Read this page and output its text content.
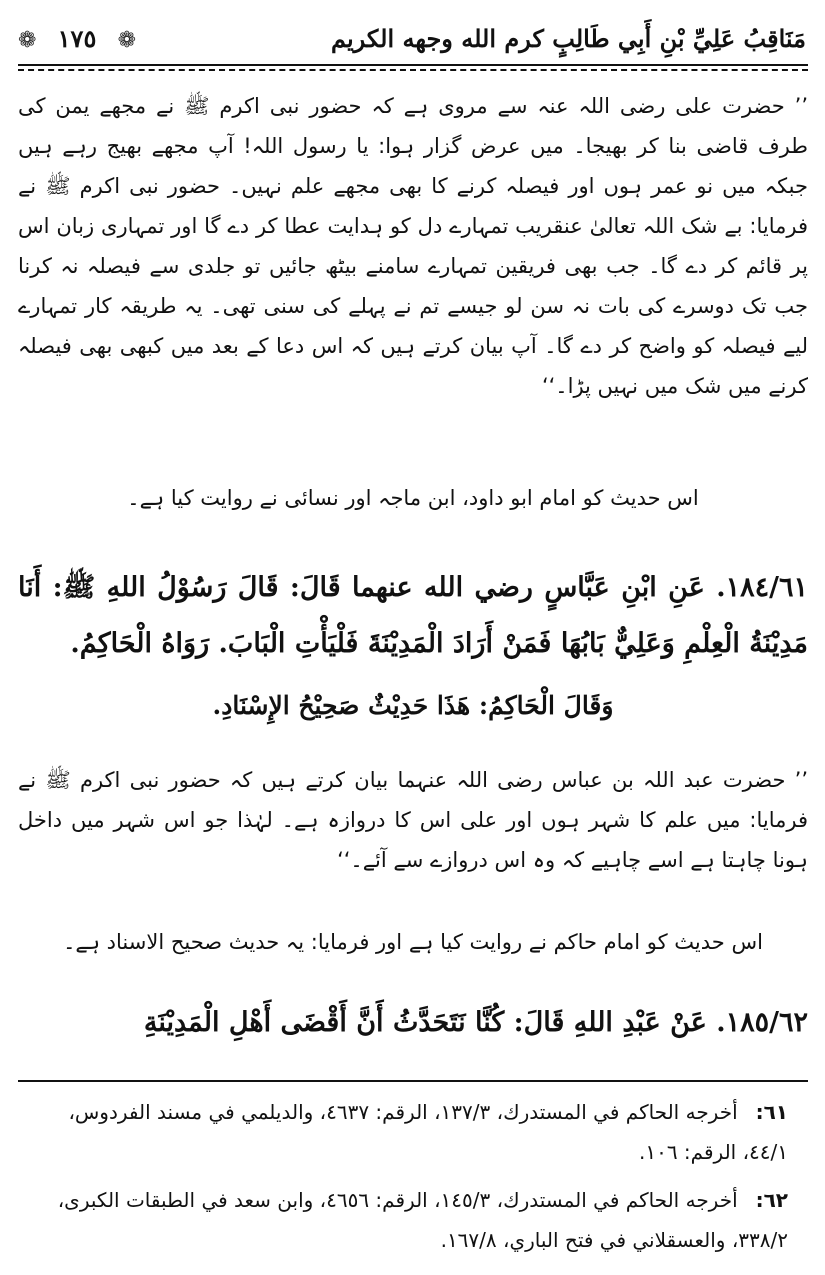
مَنَاقِبُ عَلِيِّ بْنِ أَبِي طَالِبٍ كرم الله وجهه الكريم
❁ ١٧٥ ❁
’’ حضرت علی رضی اللہ عنہ سے مروی ہے کہ حضور نبی اکرم ﷺ نے مجھے یمن کی طرف قاضی بنا کر بھیجا۔ میں عرض گزار ہوا: یا رسول اللہ! آپ مجھے بھیج رہے ہیں جبکہ میں نو عمر ہوں اور فیصلہ کرنے کا بھی مجھے علم نہیں۔ حضور نبی اکرم ﷺ نے فرمایا: بے شک اللہ تعالیٰ عنقریب تمہارے دل کو ہدایت عطا کر دے گا اور تمہاری زبان اس پر قائم کر دے گا۔ جب بھی فریقین تمہارے سامنے بیٹھ جائیں تو جلدی سے فیصلہ نہ کرنا جب تک دوسرے کی بات نہ سن لو جیسے تم نے پہلے کی سنی تھی۔ یہ طریقہ کار تمہارے لیے فیصلہ کو واضح کر دے گا۔ آپ بیان کرتے ہیں کہ اس دعا کے بعد میں کبھی بھی فیصلہ کرنے میں شک میں نہیں پڑا۔‘‘
اس حدیث کو امام ابو داود، ابن ماجہ اور نسائی نے روایت کیا ہے۔
١٨٤/٦١. عَنِ ابْنِ عَبَّاسٍ رضي الله عنهما قَالَ: قَالَ رَسُوْلُ اللهِ ﷺ: أَنَا مَدِيْنَةُ الْعِلْمِ وَعَلِيٌّ بَابُهَا فَمَنْ أَرَادَ الْمَدِيْنَةَ فَلْيَأْتِ الْبَابَ. رَوَاهُ الْحَاكِمُ.
وَقَالَ الْحَاكِمُ: هَذَا حَدِيْثٌ صَحِيْحُ الإِسْنَادِ.
’’ حضرت عبد اللہ بن عباس رضی اللہ عنہما بیان کرتے ہیں کہ حضور نبی اکرم ﷺ نے فرمایا: میں علم کا شہر ہوں اور علی اس کا دروازہ ہے۔ لہٰذا جو اس شہر میں داخل ہونا چاہتا ہے اسے چاہیے کہ وہ اس دروازے سے آئے۔‘‘
اس حدیث کو امام حاکم نے روایت کیا ہے اور فرمایا: یہ حدیث صحیح الاسناد ہے۔
١٨٥/٦٢. عَنْ عَبْدِ اللهِ قَالَ: كُنَّا نَتَحَدَّثُ أَنَّ أَقْضَى أَهْلِ الْمَدِيْنَةِ
٦١: أخرجه الحاكم في المستدرك، ١٣٧/٣، الرقم: ٤٦٣٧، والديلمي في مسند الفردوس، ٤٤/١، الرقم: ١٠٦.
٦٢: أخرجه الحاكم في المستدرك، ١٤٥/٣، الرقم: ٤٦٥٦، وابن سعد في الطبقات الكبرى، ٣٣٨/٢، والعسقلاني في فتح الباري، ١٦٧/٨.
